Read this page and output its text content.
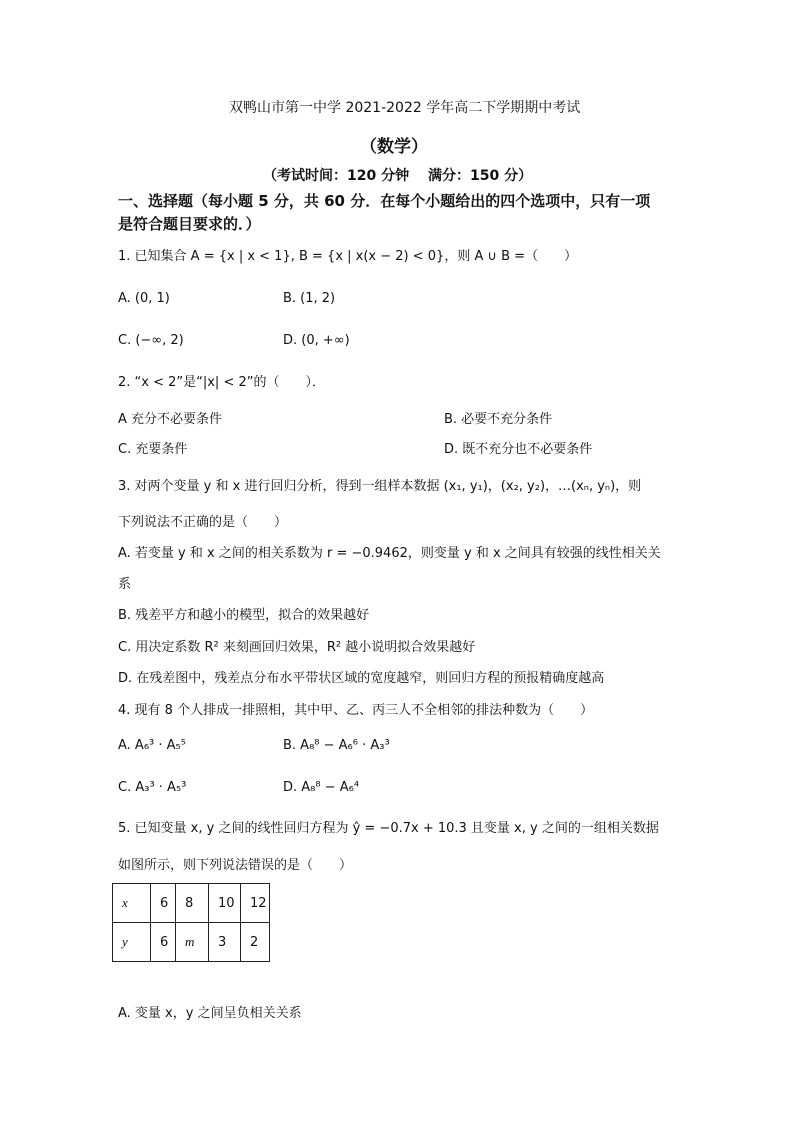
双鸭山市第一中学 2021-2022 学年高二下学期期中考试
（数学）
（考试时间：120 分钟　 满分：150 分）
一、选择题（每小题 5 分，共 60 分．在每个小题给出的四个选项中，只有一项
是符合题目要求的．）
1. 已知集合 A = {x | x < 1}, B = {x | x(x − 2) < 0}，则 A ∪ B =（　　）
A. (0, 1)	B. (1, 2)
C. (−∞, 2)	D. (0, +∞)
2. “x < 2”是“|x| < 2”的（　　）．
A 充分不必要条件	B. 必要不充分条件
C. 充要条件	D. 既不充分也不必要条件
3. 对两个变量 y 和 x 进行回归分析，得到一组样本数据 (x₁, y₁)，(x₂, y₂)，…(xₙ, yₙ)，则
下列说法不正确的是（　　）
A. 若变量 y 和 x 之间的相关系数为 r = −0.9462，则变量 y 和 x 之间具有较强的线性相关关
系
B. 残差平方和越小的模型，拟合的效果越好
C. 用决定系数 R² 来刻画回归效果，R² 越小说明拟合效果越好
D. 在残差图中，残差点分布水平带状区域的宽度越窄，则回归方程的预报精确度越高
4. 现有 8 个人排成一排照相，其中甲、乙、丙三人不全相邻的排法种数为（　　）
A. A₆³ · A₅⁵	B. A₈⁸ − A₆⁶ · A₃³
C. A₃³ · A₅³	D. A₈⁸ − A₆⁴
5. 已知变量 x, y 之间的线性回归方程为 ŷ = −0.7x + 10.3 且变量 x, y 之间的一组相关数据
如图所示，则下列说法错误的是（　　）
x	6	8	10	12
y	6	m	3	2
A. 变量 x，y 之间呈负相关关系
